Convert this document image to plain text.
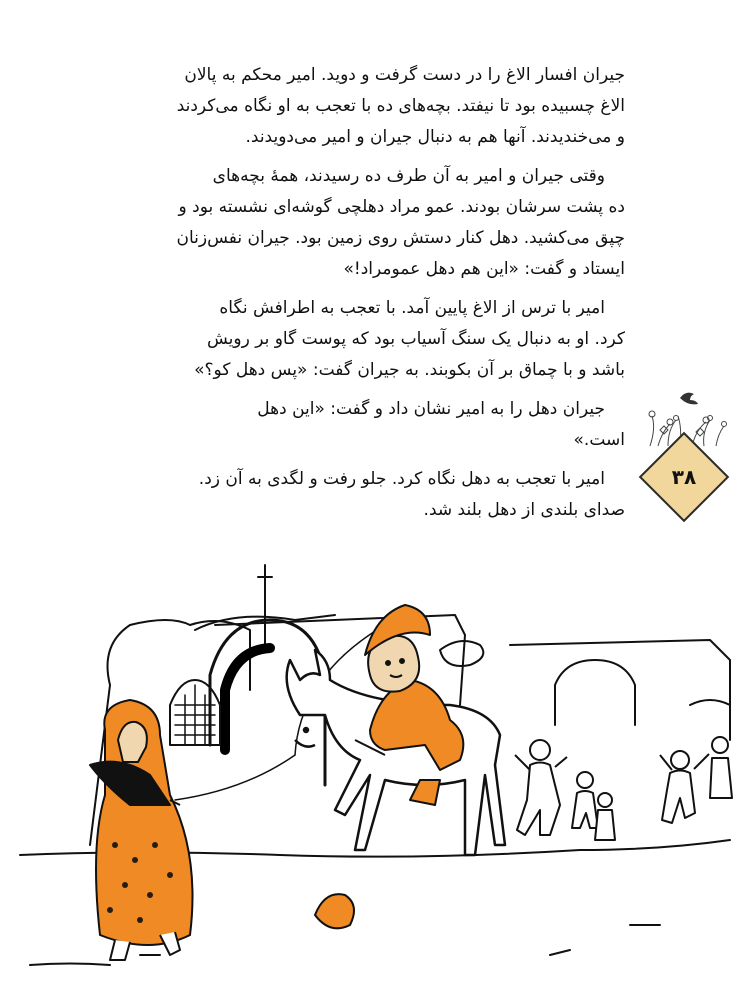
جیران افسار الاغ را در دست گرفت و دوید. امیر محکم به پالان

الاغ چسبیده بود تا نیفتد. بچه‌های ده با تعجب به او نگاه می‌کردند

و می‌خندیدند. آنها هم به دنبال جیران و امیر می‌دویدند.

وقتی جیران و امیر به آن طرف ده رسیدند، همهٔ بچه‌های

ده پشت سرشان بودند. عمو مراد دهلچی گوشه‌ای نشسته بود و

چپق می‌کشید. دهل کنار دستش روی زمین بود. جیران نفس‌زنان

ایستاد و گفت: «این هم دهل عمومراد!»

امیر با ترس از الاغ پایین آمد. با تعجب به اطرافش نگاه

کرد. او به دنبال یک سنگ آسیاب بود که پوست گاو بر رویش

باشد و با چماق بر آن بکوبند. به جیران گفت: «پس دهل کو؟»

جیران دهل را به امیر نشان داد و گفت: «این دهل

است.»

امیر با تعجب به دهل نگاه کرد. جلو رفت و لگدی به آن زد.

صدای بلندی از دهل بلند شد.

۳۸
